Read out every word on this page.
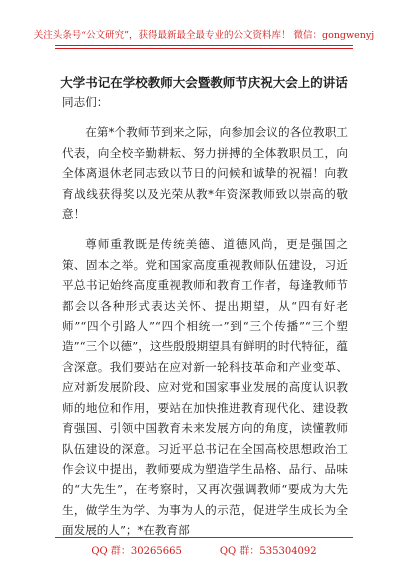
关注头条号“公文研究”，获得最新最全最专业的公文资料库！ 微信：gongwenyj
大学书记在学校教师大会暨教师节庆祝大会上的讲话

同志们：

在第*个教师节到来之际，向参加会议的各位教职工代表，向全校辛勤耕耘、努力拼搏的全体教职员工，向全体离退休老同志致以节日的问候和诚挚的祝福！向教育战线获得奖以及光荣从教*年资深教师致以崇高的敬意！

尊师重教既是传统美德、道德风尚，更是强国之策、固本之举。党和国家高度重视教师队伍建设，习近平总书记始终高度重视教师和教育工作者，每逢教师节都会以各种形式表达关怀、提出期望，从“四有好老师”“四个引路人”“四个相统一”到“三个传播”“三个塑造”“三个以德”，这些殷殷期望具有鲜明的时代特征，蕴含深意。我们要站在应对新一轮科技革命和产业变革、应对新发展阶段、应对党和国家事业发展的高度认识教师的地位和作用，要站在加快推进教育现代化、建设教育强国、引领中国教育未来发展方向的角度，读懂教师队伍建设的深意。习近平总书记在全国高校思想政治工作会议中提出，教师要成为塑造学生品格、品行、品味的“大先生”，在考察时，又再次强调教师“要成为大先生，做学生为学、为事为人的示范，促进学生成长为全面发展的人”；*在教育部

QQ 群：30265665	QQ 群：535304092
